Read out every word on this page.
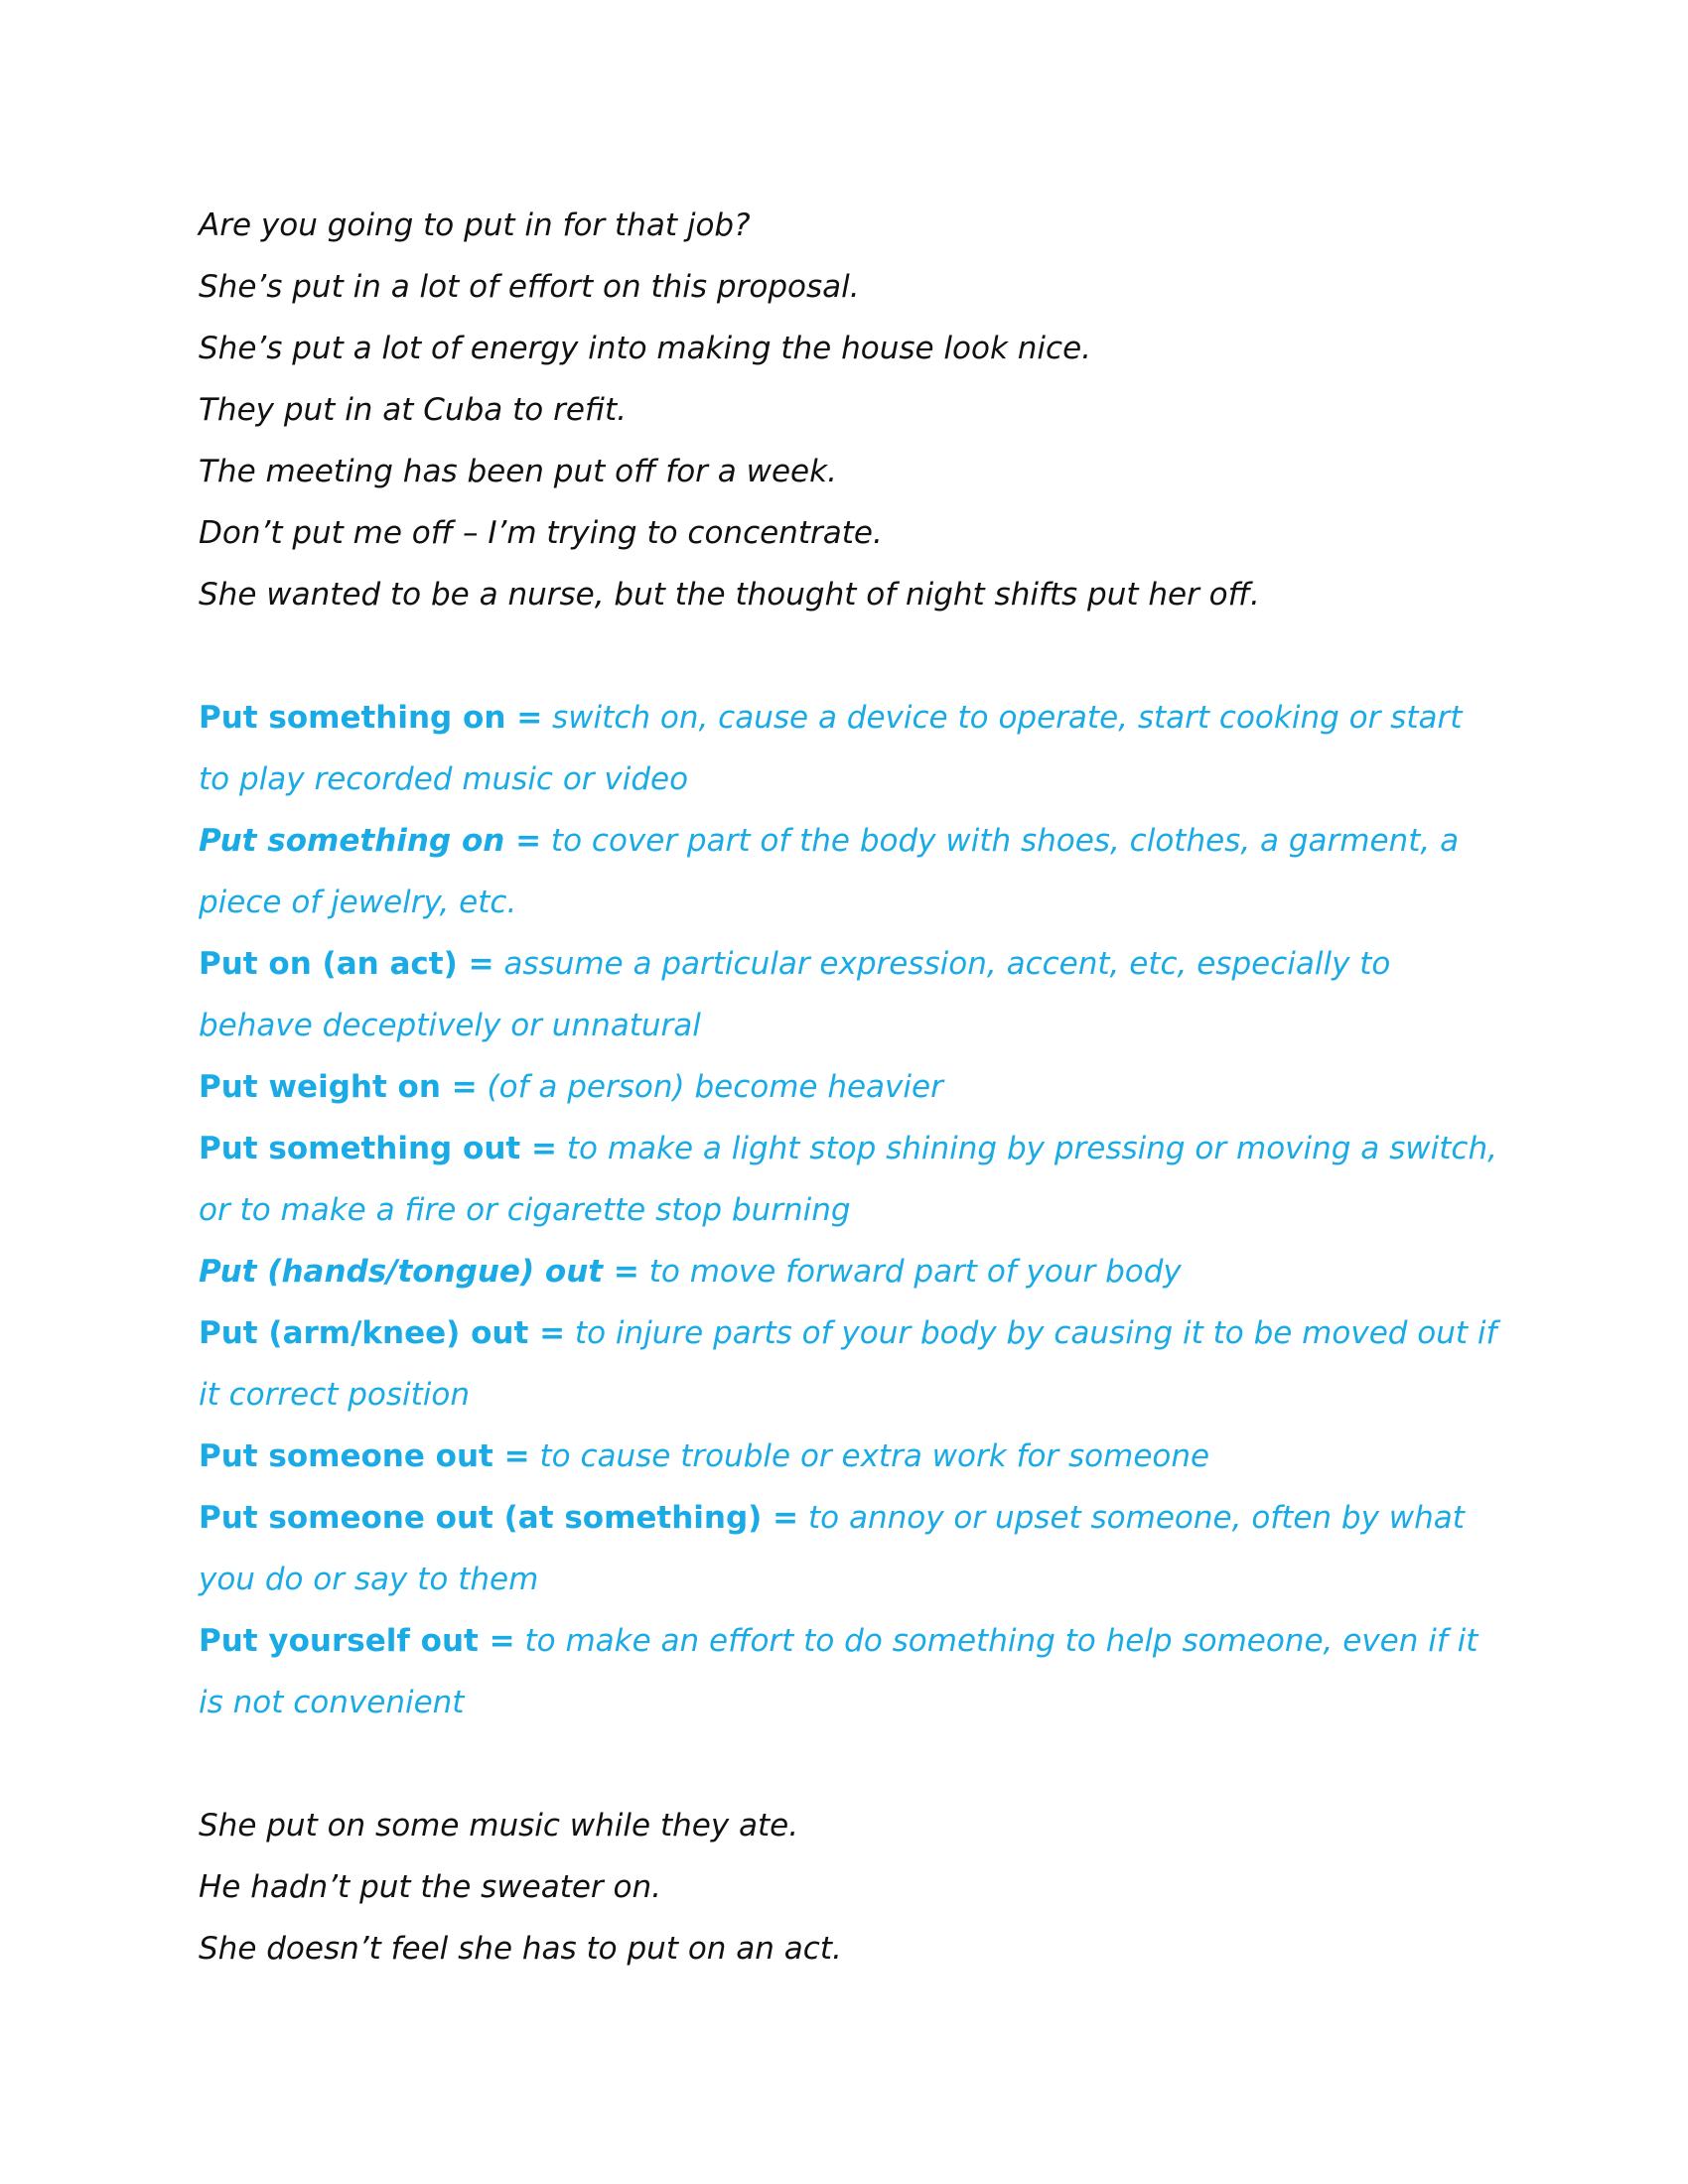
Are you going to put in for that job?

She’s put in a lot of effort on this proposal.

She’s put a lot of energy into making the house look nice.

They put in at Cuba to refit.

The meeting has been put off for a week.

Don’t put me off – I’m trying to concentrate.

She wanted to be a nurse, but the thought of night shifts put her off.

Put something on = switch on, cause a device to operate, start cooking or start to play recorded music or video

Put something on = to cover part of the body with shoes, clothes, a garment, a piece of jewelry, etc.

Put on (an act) = assume a particular expression, accent, etc, especially to behave deceptively or unnatural

Put weight on = (of a person) become heavier

Put something out = to make a light stop shining by pressing or moving a switch, or to make a fire or cigarette stop burning

Put (hands/tongue) out = to move forward part of your body

Put (arm/knee) out = to injure parts of your body by causing it to be moved out if it correct position

Put someone out = to cause trouble or extra work for someone

Put someone out (at something) = to annoy or upset someone, often by what you do or say to them

Put yourself out = to make an effort to do something to help someone, even if it is not convenient

She put on some music while they ate.

He hadn’t put the sweater on.

She doesn’t feel she has to put on an act.
